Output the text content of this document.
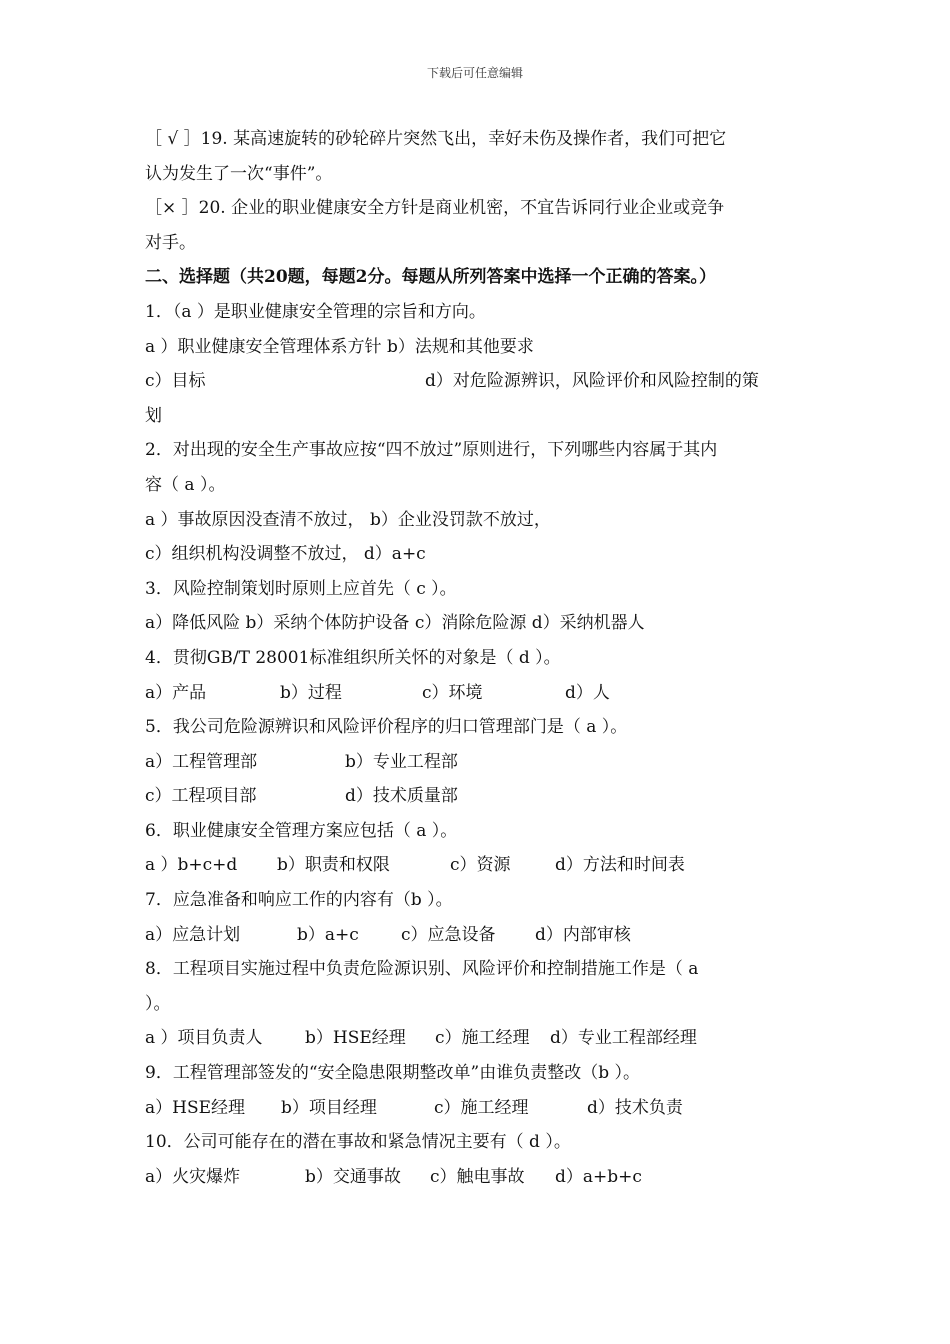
下载后可任意编辑
［ √ ］19. 某高速旋转的砂轮碎片突然飞出，幸好未伤及操作者，我们可把它
认为发生了一次“事件”。
［× ］20. 企业的职业健康安全方针是商业机密，不宜告诉同行业企业或竞争
对手。
二、选择题（共20题，每题2分。每题从所列答案中选择一个正确的答案。）
1．（a ）是职业健康安全管理的宗旨和方向。
a ）职业健康安全管理体系方针 b）法规和其他要求
c）目标	d）对危险源辨识，风险评价和风险控制的策
划
2．对出现的安全生产事故应按“四不放过”原则进行，下列哪些内容属于其内
容（ a ）。
a ）事故原因没查清不放过， b）企业没罚款不放过，
c）组织机构没调整不放过， d）a+c
3．风险控制策划时原则上应首先（ c ）。
a）降低风险 b）采纳个体防护设备 c）消除危险源 d）采纳机器人
4．贯彻GB/T 28001标准组织所关怀的对象是（ d ）。
a）产品	b）过程	c）环境	d）人
5．我公司危险源辨识和风险评价程序的归口管理部门是（ a ）。
a）工程管理部	b）专业工程部
c）工程项目部	d）技术质量部
6．职业健康安全管理方案应包括（ a ）。
a ）b+c+d b）职责和权限	c）资源	d）方法和时间表
7．应急准备和响应工作的内容有（b ）。
a）应急计划	b）a+c c）应急设备 d）内部审核
8．工程项目实施过程中负责危险源识别、风险评价和控制措施工作是（ a
）。
a ）项目负责人 b）HSE经理 c）施工经理 d）专业工程部经理
9．工程管理部签发的“安全隐患限期整改单”由谁负责整改（b ）。
a）HSE经理 b）项目经理	c）施工经理	d）技术负责
10．公司可能存在的潜在事故和紧急情况主要有（ d ）。
a）火灾爆炸	b）交通事故 c）触电事故 d）a+b+c
